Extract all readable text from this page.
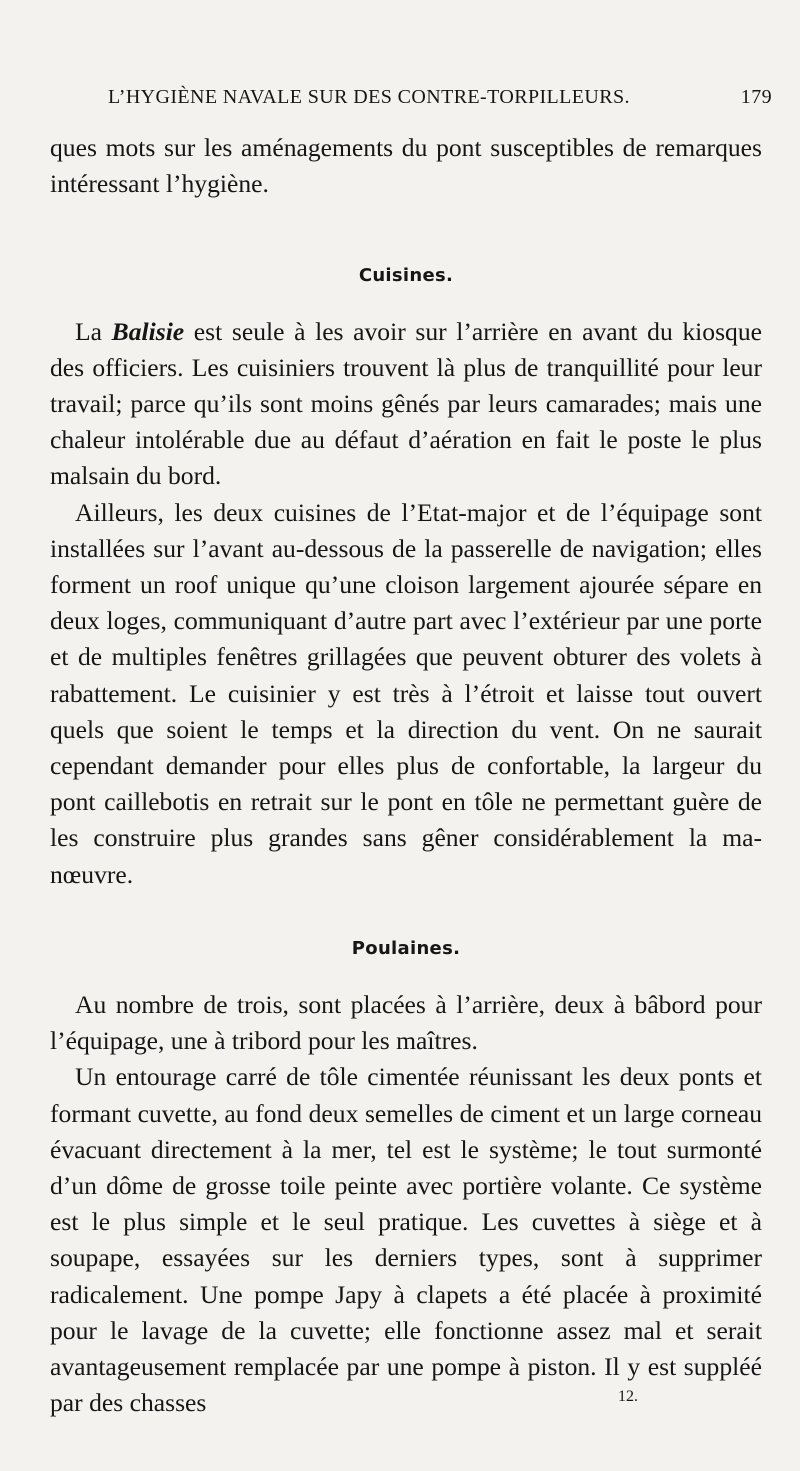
L’HYGIÈNE NAVALE SUR DES CONTRE-TORPILLEURS.	179

ques mots sur les aménagements du pont susceptibles de remarques intéressant l’hygiène.

Cuisines.

La Balisie est seule à les avoir sur l’arrière en avant du kiosque des officiers. Les cuisiniers trouvent là plus de tranquillité pour leur travail; parce qu’ils sont moins gênés par leurs camarades; mais une chaleur intolérable due au défaut d’aération en fait le poste le plus malsain du bord.

Ailleurs, les deux cuisines de l’Etat-major et de l’équipage sont installées sur l’avant au-dessous de la passerelle de navigation; elles forment un roof unique qu’une cloison largement ajourée sépare en deux loges, communiquant d’autre part avec l’extérieur par une porte et de multiples fenêtres grillagées que peuvent obturer des volets à rabattement. Le cuisinier y est très à l’étroit et laisse tout ouvert quels que soient le temps et la direction du vent. On ne saurait cependant demander pour elles plus de confortable, la largeur du pont caillebotis en retrait sur le pont en tôle ne permettant guère de les construire plus grandes sans gêner considérablement la manœuvre.

Poulaines.

Au nombre de trois, sont placées à l’arrière, deux à bâbord pour l’équipage, une à tribord pour les maîtres.

Un entourage carré de tôle cimentée réunissant les deux ponts et formant cuvette, au fond deux semelles de ciment et un large corneau évacuant directement à la mer, tel est le système; le tout surmonté d’un dôme de grosse toile peinte avec portière volante. Ce système est le plus simple et le seul pratique. Les cuvettes à siège et à soupape, essayées sur les derniers types, sont à supprimer radicalement. Une pompe Japy à clapets a été placée à proximité pour le lavage de la cuvette; elle fonctionne assez mal et serait avantageusement remplacée par une pompe à piston. Il y est suppléé par des chasses	12.
